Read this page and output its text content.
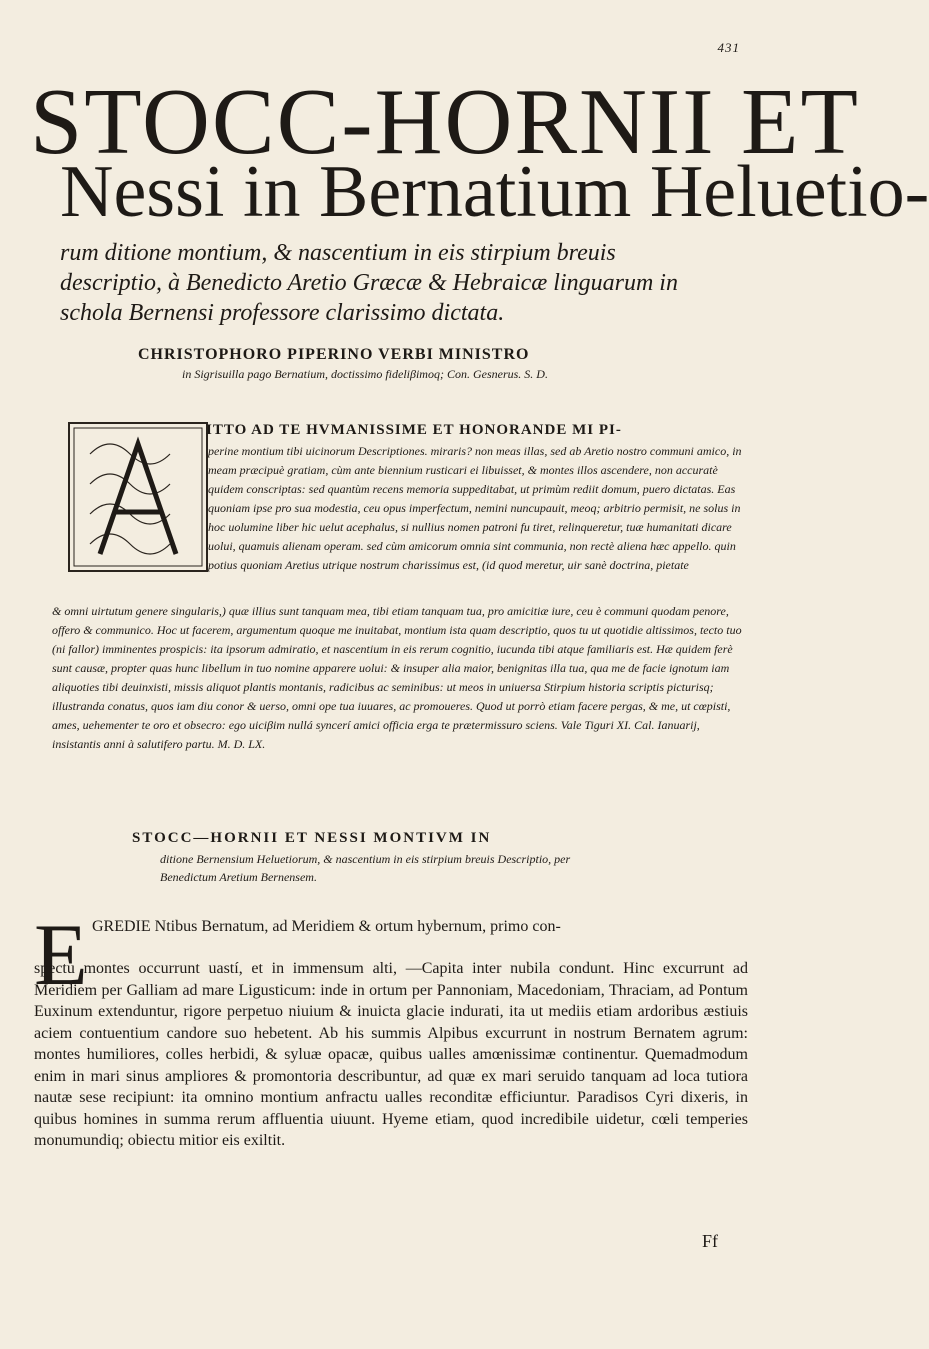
431
STOCC-HORNII ET
Nessi in Bernatium Heluetio-
rum ditione montium, & nascentium in eis stirpium breuis descriptio, à Benedicto Aretio Græcæ & Hebraicæ linguarum in schola Bernensi professore clarissimo dictata.
CHRISTOPHORO PIPERINO VERBI MINISTRO
in Sigrisuilla pago Bernatium, doctissimo fideliβimoq; Con. Gesnerus. S. D.
ITTO AD TE HVMANISSIME ET HONORANDE MI PI-
perine montium tibi uicinorum Descriptiones. miraris? non meas illas, sed ab Aretio nostro communi amico, in meam præcipuè gratiam, cùm ante biennium rusticari ei libuisset, & montes illos ascendere, non accuratè quidem conscriptas: sed quantùm recens memoria suppeditabat, ut primùm rediit domum, puero dictatas. Eas quoniam ipse pro sua modestia, ceu opus imperfectum, nemini nuncupauit, meoq; arbitrio permisit, ne solus in hoc uolumine liber hic uelut acephalus, si nullius nomen patroni fu tiret, relinqueretur, tuæ humanitati dicare uolui, quamuis alienam operam. sed cùm amicorum omnia sint communia, non rectè aliena hæc appello. quin potius quoniam Aretius utrique nostrum charissimus est, (id quod meretur, uir sanè doctrina, pietate
& omni uirtutum genere singularis,) quæ illius sunt tanquam mea, tibi etiam tanquam tua, pro amicitiæ iure, ceu è communi quodam penore, offero & communico. Hoc ut facerem, argumentum quoque me inuitabat, montium ista quam descriptio, quos tu ut quotidie altissimos, tecto tuo (ni fallor) imminentes prospicis: ita ipsorum admiratio, et nascentium in eis rerum cognitio, iucunda tibi atque familiaris est. Hæ quidem ferè sunt causæ, propter quas hunc libellum in tuo nomine apparere uolui: & insuper alia maior, benignitas illa tua, qua me de facie ignotum iam aliquoties tibi deuinxisti, missis aliquot plantis montanis, radicibus ac seminibus: ut meos in uniuersa Stirpium historia scriptis picturisq; illustranda conatus, quos iam diu conor & uerso, omni ope tua iuuares, ac promoueres. Quod ut porrò etiam facere pergas, & me, ut cœpisti, ames, uehementer te oro et obsecro: ego uiciβim nullá syncerí amici officia erga te prætermissuro sciens. Vale Tiguri XI. Cal. Ianuarij, insistantis anni à salutifero partu. M. D. LX.
STOCC—HORNII ET NESSI MONTIVM IN
ditione Bernensium Heluetiorum, & nascentium in eis stirpium breuis Descriptio, per Benedictum Aretium Bernensem.
E GREDIE Ntibus Bernatum, ad Meridiem & ortum hybernum, primo con-
spectu montes occurrunt uastí, et in immensum alti, —Capita inter nubila condunt. Hinc excurrunt ad Meridiem per Galliam ad mare Ligusticum: inde in ortum per Pannoniam, Macedoniam, Thraciam, ad Pontum Euxinum extenduntur, rigore perpetuo niuium & inuicta glacie indurati, ita ut mediis etiam ardoribus æstiuis aciem contuentium candore suo hebetent. Ab his summis Alpibus excurrunt in nostrum Bernatem agrum: montes humiliores, colles herbidi, & syluæ opacæ, quibus ualles amœnissimæ continentur. Quemadmodum enim in mari sinus ampliores & promontoria describuntur, ad quæ ex mari seruido tanquam ad loca tutiora nautæ sese recipiunt: ita omnino montium anfractu ualles reconditæ efficiuntur. Paradisos Cyri dixeris, in quibus homines in summa rerum affluentia uiuunt. Hyeme etiam, quod incredibile uidetur, cœli temperies monumundiq; obiectu mitior eis exiltit.
Ff
